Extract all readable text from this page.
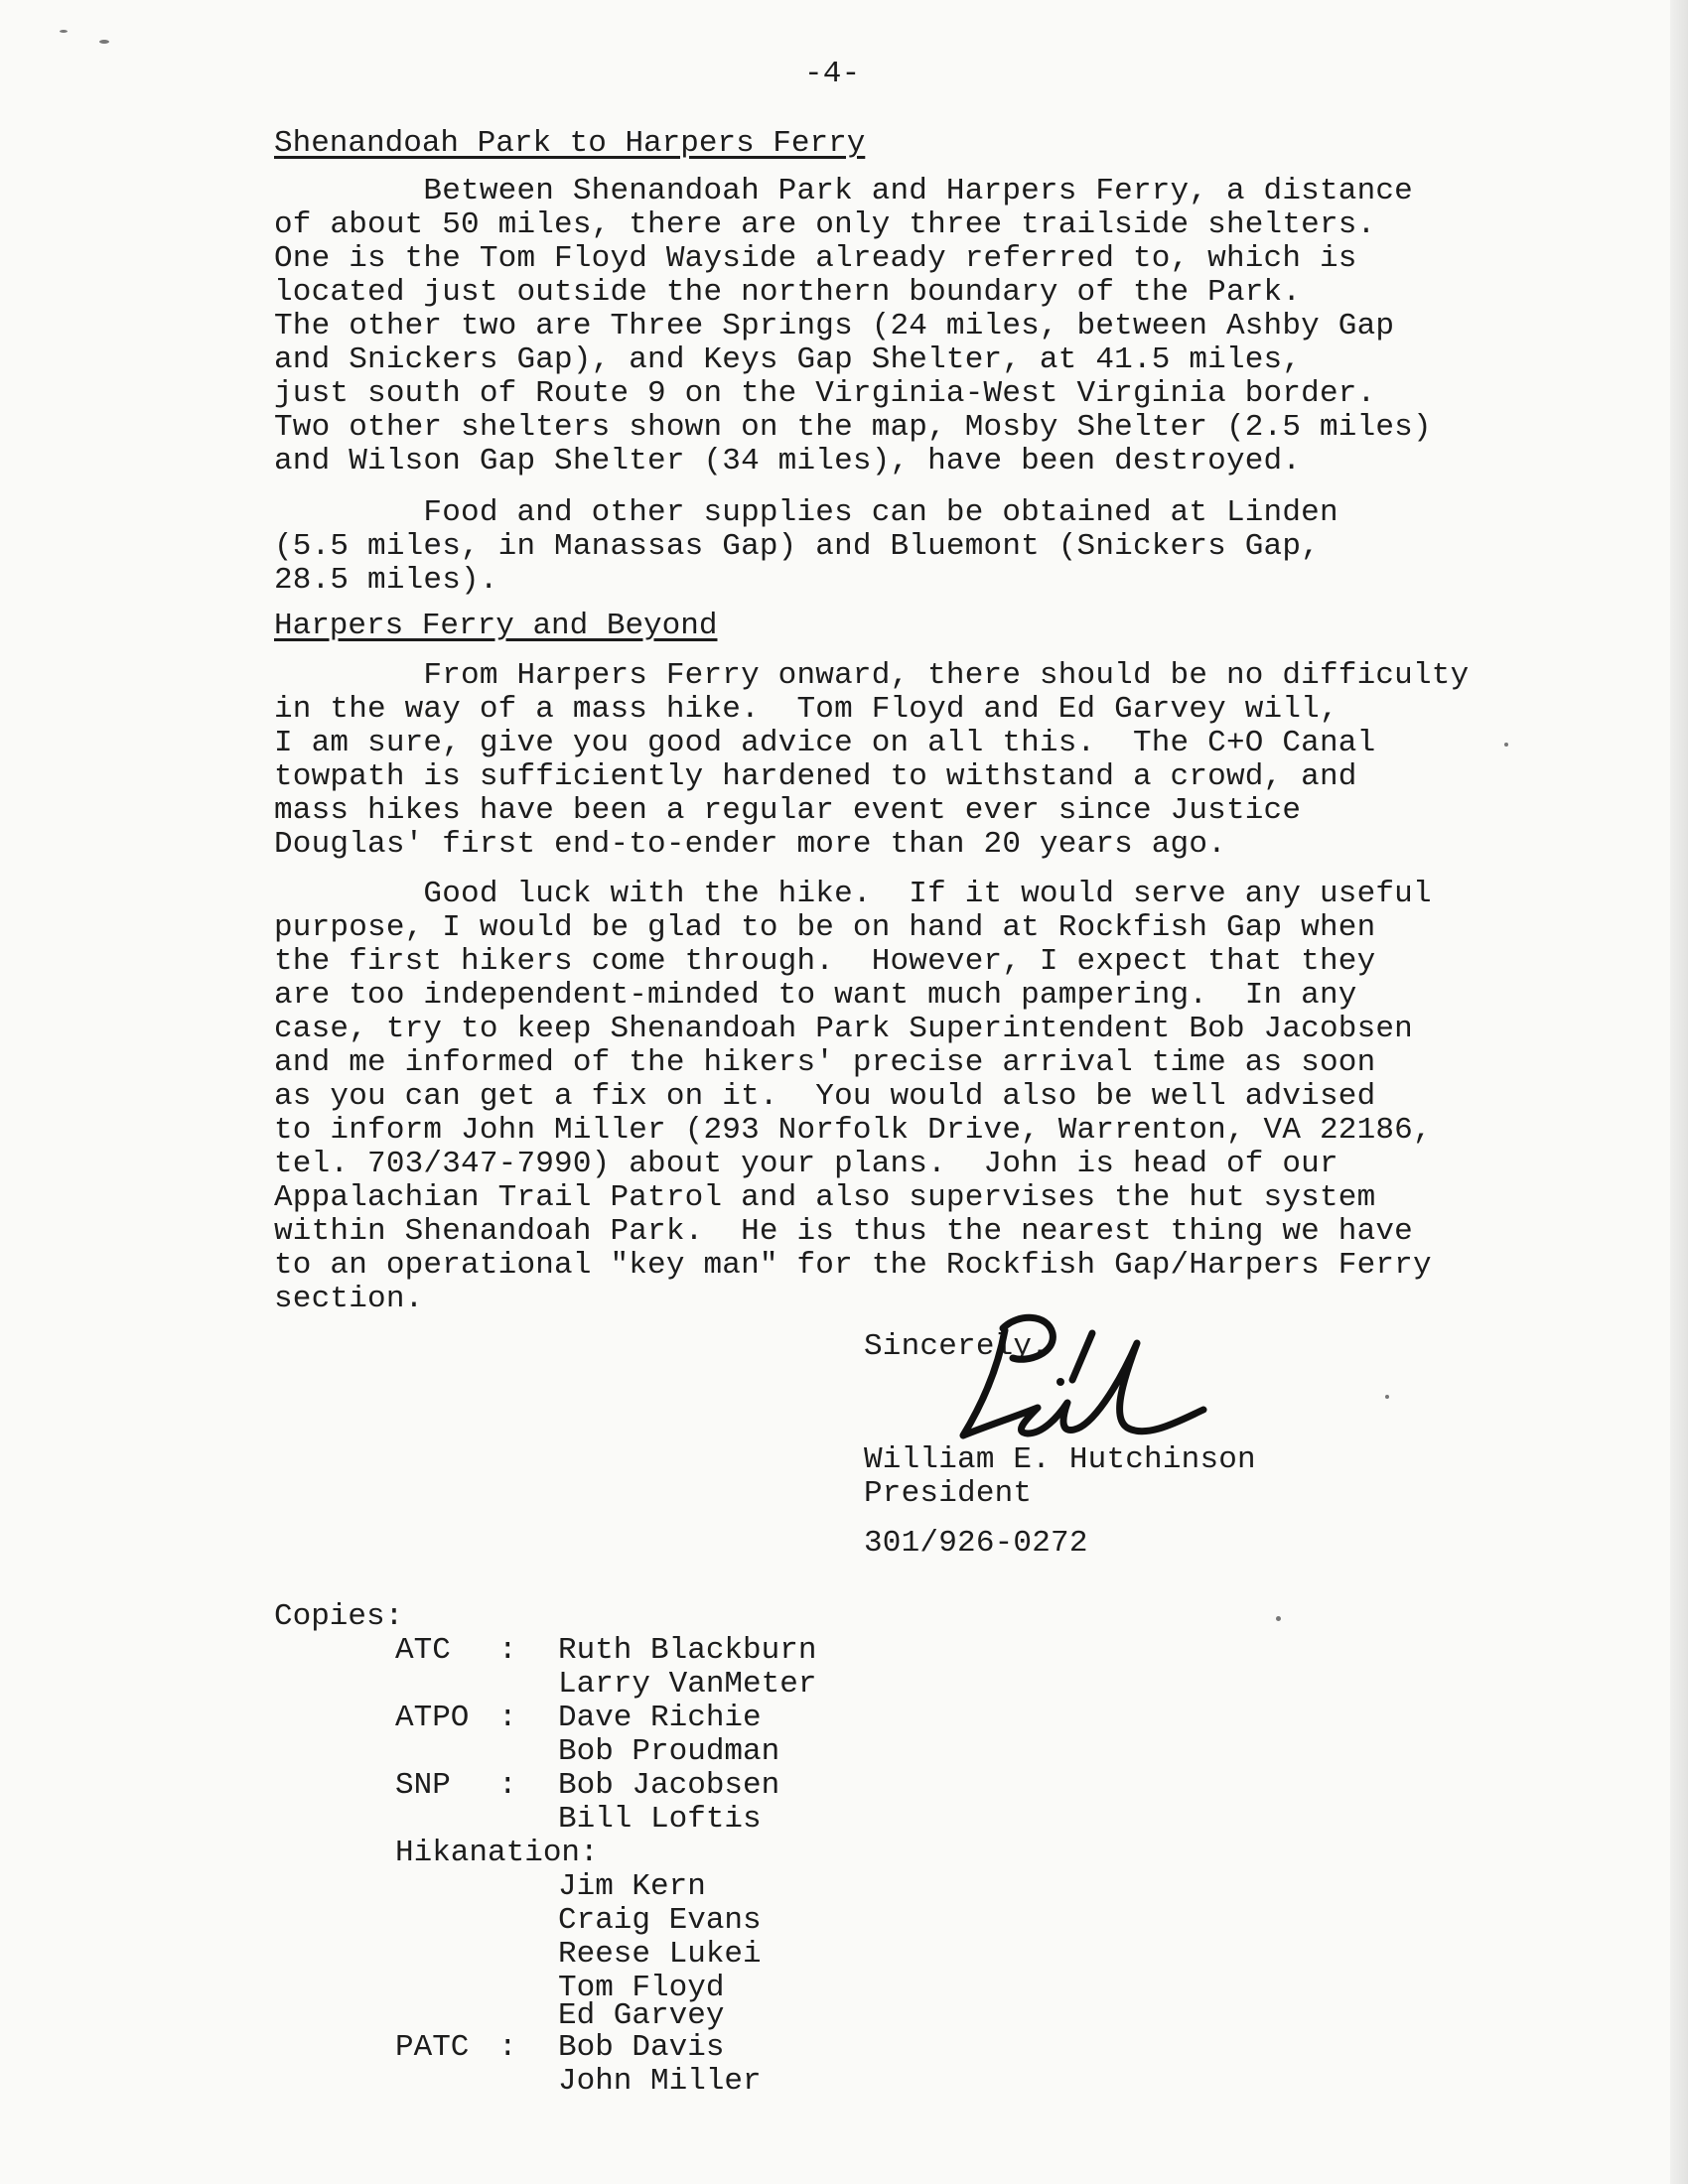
-4-
Shenandoah Park to Harpers Ferry
Between Shenandoah Park and Harpers Ferry, a distance
of about 50 miles, there are only three trailside shelters.
One is the Tom Floyd Wayside already referred to, which is
located just outside the northern boundary of the Park.
The other two are Three Springs (24 miles, between Ashby Gap
and Snickers Gap), and Keys Gap Shelter, at 41.5 miles,
just south of Route 9 on the Virginia-West Virginia border.
Two other shelters shown on the map, Mosby Shelter (2.5 miles)
and Wilson Gap Shelter (34 miles), have been destroyed.
Food and other supplies can be obtained at Linden
(5.5 miles, in Manassas Gap) and Bluemont (Snickers Gap,
28.5 miles).
Harpers Ferry and Beyond
From Harpers Ferry onward, there should be no difficulty
in the way of a mass hike.  Tom Floyd and Ed Garvey will,
I am sure, give you good advice on all this.  The C+O Canal
towpath is sufficiently hardened to withstand a crowd, and
mass hikes have been a regular event ever since Justice
Douglas' first end-to-ender more than 20 years ago.
Good luck with the hike.  If it would serve any useful
purpose, I would be glad to be on hand at Rockfish Gap when
the first hikers come through.  However, I expect that they
are too independent-minded to want much pampering.  In any
case, try to keep Shenandoah Park Superintendent Bob Jacobsen
and me informed of the hikers' precise arrival time as soon
as you can get a fix on it.  You would also be well advised
to inform John Miller (293 Norfolk Drive, Warrenton, VA 22186,
tel. 703/347-7990) about your plans.  John is head of our
Appalachian Trail Patrol and also supervises the hut system
within Shenandoah Park.  He is thus the nearest thing we have
to an operational "key man" for the Rockfish Gap/Harpers Ferry
section.
Sincerely,
William E. Hutchinson
President
301/926-0272
Copies:
ATC : Ruth Blackburn
Larry VanMeter
ATPO : Dave Richie
Bob Proudman
SNP : Bob Jacobsen
Bill Loftis
Hikanation:
Jim Kern
Craig Evans
Reese Lukei
Tom Floyd
Ed Garvey
PATC : Bob Davis
John Miller
